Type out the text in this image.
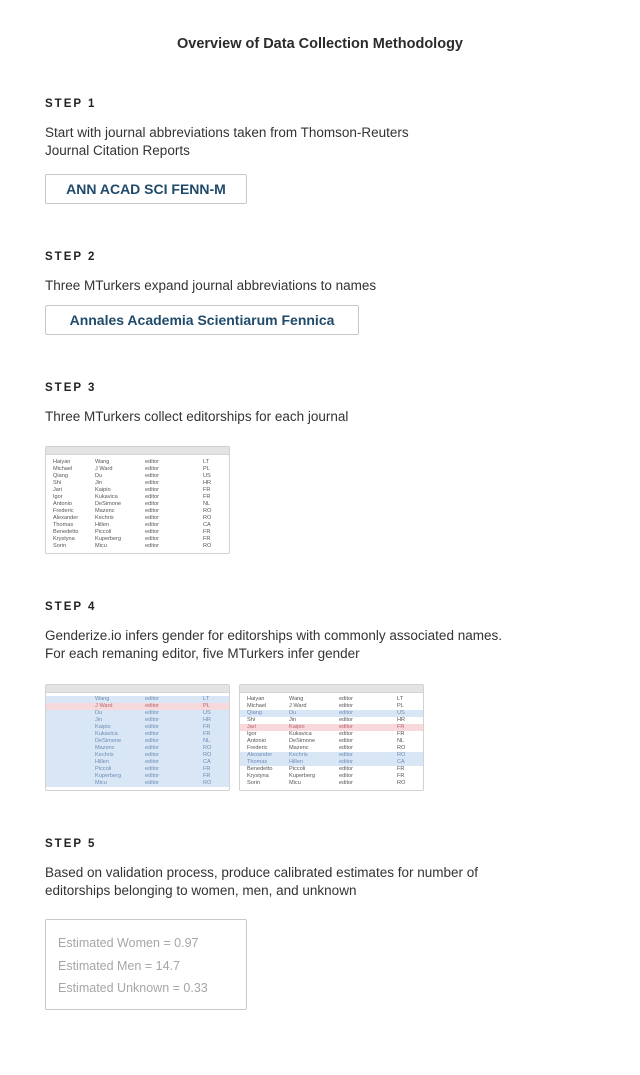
Overview of Data Collection Methodology
STEP 1
Start with journal abbreviations taken from Thomson-Reuters
Journal Citation Reports
ANN ACAD SCI FENN-M
STEP 2
Three MTurkers expand journal abbreviations to names
Annales Academia Scientiarum Fennica
STEP 3
Three MTurkers collect editorships for each journal
Haiyan	Wang	editor	LT
Michael	J Ward	editor	PL
Qiang	Du	editor	US
Shi	Jin	editor	HR
Jari	Kaipio	editor	FR
Igor	Kukavica	editor	FR
Antonio	DeSimone	editor	NL
Frederic	Mazenc	editor	RO
Alexander	Kechris	editor	RO
Thomas	Hillen	editor	CA
Benedetto	Piccoli	editor	FR
Krystyna	Kuperberg	editor	FR
Sorin	Micu	editor	RO
STEP 4
Genderize.io infers gender for editorships with commonly associated names.
For each remaning editor, five MTurkers infer gender
Wang	editor	LT
J Ward	editor	PL
Du	editor	US
Jin	editor	HR
Kaipio	editor	FR
Kukavica	editor	FR
DeSimone	editor	NL
Mazenc	editor	RO
Kechris	editor	RO
Hillen	editor	CA
Piccoli	editor	FR
Kuperberg	editor	FR
Micu	editor	RO
Haiyan	Wang	editor	LT
Michael	J Ward	editor	PL
Qiang	Du	editor	US
Shi	Jin	editor	HR
Jari	Kaipio	editor	FR
Igor	Kukavica	editor	FR
Antonio	DeSimone	editor	NL
Frederic	Mazenc	editor	RO
Alexander	Kechris	editor	RO
Thomas	Hillen	editor	CA
Benedetto	Piccoli	editor	FR
Krystyna	Kuperberg	editor	FR
Sorin	Micu	editor	RO
STEP 5
Based on validation process, produce calibrated estimates for number of
editorships belonging to women, men, and unknown
Estimated Women = 0.97
Estimated Men = 14.7
Estimated Unknown = 0.33
